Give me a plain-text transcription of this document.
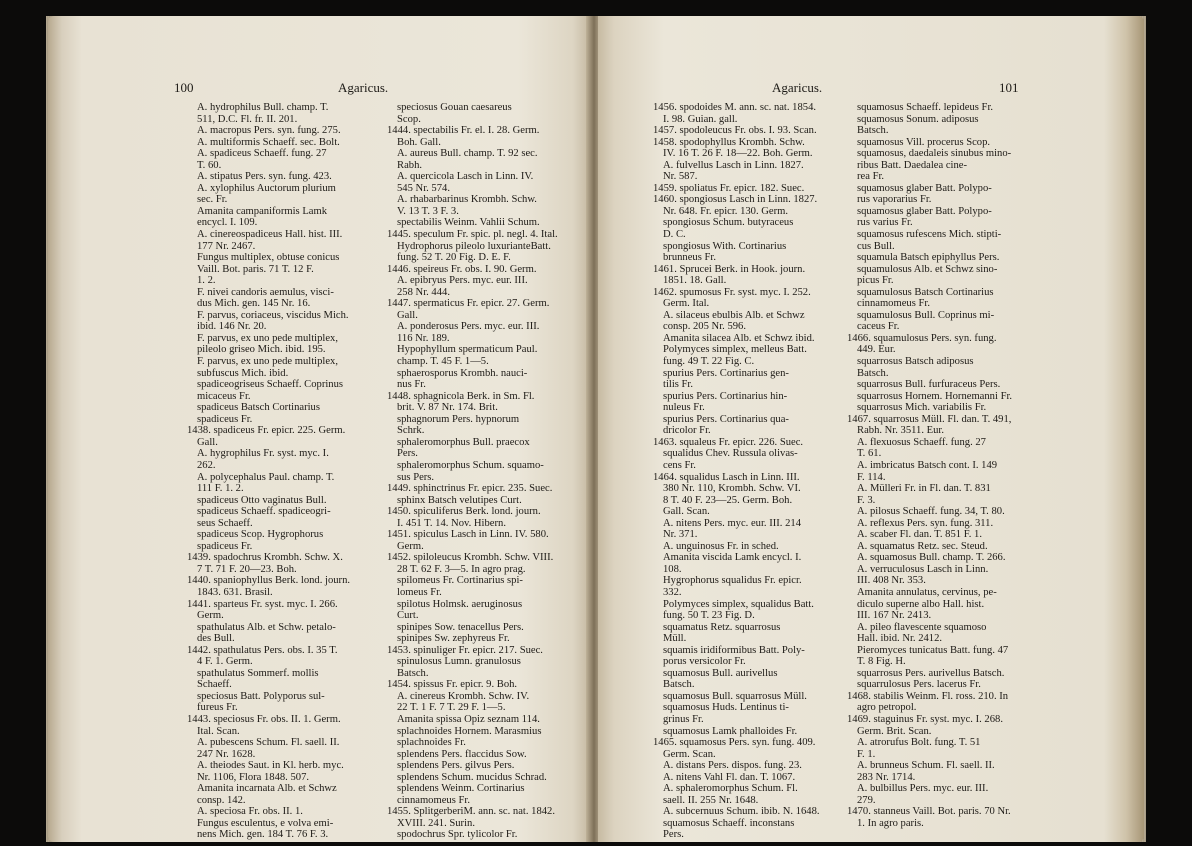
100	Agaricus.
A. hydrophilus Bull. champ. T.
511, D.C. Fl. fr. II. 201.
A. macropus Pers. syn. fung. 275.
A. multiformis Schaeff. sec. Bolt.
A. spadiceus Schaeff. fung. 27
T. 60.
A. stipatus Pers. syn. fung. 423.
A. xylophilus Auctorum plurium
sec. Fr.
Amanita campaniformis Lamk
encycl. I. 109.
A. cinereospadiceus Hall. hist. III.
177 Nr. 2467.
Fungus multiplex, obtuse conicus
Vaill. Bot. paris. 71 T. 12 F.
1. 2.
F. nivei candoris aemulus, visci-
dus Mich. gen. 145 Nr. 16.
F. parvus, coriaceus, viscidus Mich.
ibid. 146 Nr. 20.
F. parvus, ex uno pede multiplex,
pileolo griseo Mich. ibid. 195.
F. parvus, ex uno pede multiplex,
subfuscus Mich. ibid.
spadiceogriseus Schaeff. Coprinus
micaceus Fr.
spadiceus Batsch Cortinarius
spadiceus Fr.
1438. spadiceus Fr. epicr. 225. Germ.
Gall.
A. hygrophilus Fr. syst. myc. I.
262.
A. polycephalus Paul. champ. T.
111 F. 1. 2.
spadiceus Otto vaginatus Bull.
spadiceus Schaeff. spadiceogri-
seus Schaeff.
spadiceus Scop. Hygrophorus
spadiceus Fr.
1439. spadochrus Krombh. Schw. X.
7 T. 71 F. 20—23. Boh.
1440. spaniophyllus Berk. lond. journ.
1843. 631. Brasil.
1441. sparteus Fr. syst. myc. I. 266.
Germ.
spathulatus Alb. et Schw. petalo-
des Bull.
1442. spathulatus Pers. obs. I. 35 T.
4 F. 1. Germ.
spathulatus Sommerf. mollis
Schaeff.
speciosus Batt. Polyporus sul-
fureus Fr.
1443. speciosus Fr. obs. II. 1. Germ.
Ital. Scan.
A. pubescens Schum. Fl. saell. II.
247 Nr. 1628.
A. theiodes Saut. in Kl. herb. myc.
Nr. 1106, Flora 1848. 507.
Amanita incarnata Alb. et Schwz
consp. 142.
A. speciosa Fr. obs. II. 1.
Fungus esculentus, e volva emi-
nens Mich. gen. 184 T. 76 F. 3.
speciosus Gouan caesareus
Scop.
1444. spectabilis Fr. el. I. 28. Germ.
Boh. Gall.
A. aureus Bull. champ. T. 92 sec.
Rabh.
A. quercicola Lasch in Linn. IV.
545 Nr. 574.
A. rhabarbarinus Krombh. Schw.
V. 13 T. 3 F. 3.
spectabilis Weinm. Vahlii Schum.
1445. speculum Fr. spic. pl. negl. 4. Ital.
Hydrophorus pileolo luxurianteBatt.
fung. 52 T. 20 Fig. D. E. F.
1446. speireus Fr. obs. I. 90. Germ.
A. epibryus Pers. myc. eur. III.
258 Nr. 444.
1447. spermaticus Fr. epicr. 27. Germ.
Gall.
A. ponderosus Pers. myc. eur. III.
116 Nr. 189.
Hypophyllum spermaticum Paul.
champ. T. 45 F. 1—5.
sphaerosporus Krombh. nauci-
nus Fr.
1448. sphagnicola Berk. in Sm. Fl.
brit. V. 87 Nr. 174. Brit.
sphagnorum Pers. hypnorum
Schrk.
sphaleromorphus Bull. praecox
Pers.
sphaleromorphus Schum. squamo-
sus Pers.
1449. sphinctrinus Fr. epicr. 235. Suec.
sphinx Batsch velutipes Curt.
1450. spiculiferus Berk. lond. journ.
I. 451 T. 14. Nov. Hibern.
1451. spiculus Lasch in Linn. IV. 580.
Germ.
1452. spiloleucus Krombh. Schw. VIII.
28 T. 62 F. 3—5. In agro prag.
spilomeus Fr. Cortinarius spi-
lomeus Fr.
spilotus Holmsk. aeruginosus
Curt.
spinipes Sow. tenacellus Pers.
spinipes Sw. zephyreus Fr.
1453. spinuliger Fr. epicr. 217. Suec.
spinulosus Lumn. granulosus
Batsch.
1454. spissus Fr. epicr. 9. Boh.
A. cinereus Krombh. Schw. IV.
22 T. 1 F. 7 T. 29 F. 1—5.
Amanita spissa Opiz seznam 114.
splachnoides Hornem. Marasmius
splachnoides Fr.
splendens Pers. flaccidus Sow.
splendens Pers. gilvus Pers.
splendens Schum. mucidus Schrad.
splendens Weinm. Cortinarius
cinnamomeus Fr.
1455. SplitgerberiM. ann. sc. nat. 1842.
XVIII. 241. Surin.
spodochrus Spr. tylicolor Fr.
Agaricus.	101
1456. spodoides M. ann. sc. nat. 1854.
I. 98. Guian. gall.
1457. spodoleucus Fr. obs. I. 93. Scan.
1458. spodophyllus Krombh. Schw.
IV. 16 T. 26 F. 18—22. Boh. Germ.
A. fulvellus Lasch in Linn. 1827.
Nr. 587.
1459. spoliatus Fr. epicr. 182. Suec.
1460. spongiosus Lasch in Linn. 1827.
Nr. 648. Fr. epicr. 130. Germ.
spongiosus Schum. butyraceus
D. C.
spongiosus With. Cortinarius
brunneus Fr.
1461. Sprucei Berk. in Hook. journ.
1851. 18. Gall.
1462. spumosus Fr. syst. myc. I. 252.
Germ. Ital.
A. silaceus ebulbis Alb. et Schwz
consp. 205 Nr. 596.
Amanita silacea Alb. et Schwz ibid.
Polymyces simplex, melleus Batt.
fung. 49 T. 22 Fig. C.
spurius Pers. Cortinarius gen-
tilis Fr.
spurius Pers. Cortinarius hin-
nuleus Fr.
spurius Pers. Cortinarius qua-
dricolor Fr.
1463. squaleus Fr. epicr. 226. Suec.
squalidus Chev. Russula olivas-
cens Fr.
1464. squalidus Lasch in Linn. III.
380 Nr. 110, Krombh. Schw. VI.
8 T. 40 F. 23—25. Germ. Boh.
Gall. Scan.
A. nitens Pers. myc. eur. III. 214
Nr. 371.
A. unguinosus Fr. in sched.
Amanita viscida Lamk encycl. I.
108.
Hygrophorus squalidus Fr. epicr.
332.
Polymyces simplex, squalidus Batt.
fung. 50 T. 23 Fig. D.
squamatus Retz. squarrosus
Müll.
squamis iridiformibus Batt. Poly-
porus versicolor Fr.
squamosus Bull. aurivellus
Batsch.
squamosus Bull. squarrosus Müll.
squamosus Huds. Lentinus ti-
grinus Fr.
squamosus Lamk phalloides Fr.
1465. squamosus Pers. syn. fung. 409.
Germ. Scan.
A. distans Pers. dispos. fung. 23.
A. nitens Vahl Fl. dan. T. 1067.
A. sphaleromorphus Schum. Fl.
saell. II. 255 Nr. 1648.
A. subcernuus Schum. ibib. N. 1648.
squamosus Schaeff. inconstans
Pers.
squamosus Schaeff. lepideus Fr.
squamosus Sonum. adiposus
Batsch.
squamosus Vill. procerus Scop.
squamosus, daedaleis sinubus mino-
ribus Batt. Daedalea cine-
rea Fr.
squamosus glaber Batt. Polypo-
rus vaporarius Fr.
squamosus glaber Batt. Polypo-
rus varius Fr.
squamosus rufescens Mich. stipti-
cus Bull.
squamula Batsch epiphyllus Pers.
squamulosus Alb. et Schwz sino-
picus Fr.
squamulosus Batsch Cortinarius
cinnamomeus Fr.
squamulosus Bull. Coprinus mi-
caceus Fr.
1466. squamulosus Pers. syn. fung.
449. Eur.
squarrosus Batsch adiposus
Batsch.
squarrosus Bull. furfuraceus Pers.
squarrosus Hornem. Hornemanni Fr.
squarrosus Mich. variabilis Fr.
1467. squarrosus Müll. Fl. dan. T. 491,
Rabh. Nr. 3511. Eur.
A. flexuosus Schaeff. fung. 27
T. 61.
A. imbricatus Batsch cont. I. 149
F. 114.
A. Mülleri Fr. in Fl. dan. T. 831
F. 3.
A. pilosus Schaeff. fung. 34, T. 80.
A. reflexus Pers. syn. fung. 311.
A. scaber Fl. dan. T. 851 F. 1.
A. squamatus Retz. sec. Steud.
A. squamosus Bull. champ. T. 266.
A. verruculosus Lasch in Linn.
III. 408 Nr. 353.
Amanita annulatus, cervinus, pe-
diculo superne albo Hall. hist.
III. 167 Nr. 2413.
A. pileo flavescente squamoso
Hall. ibid. Nr. 2412.
Pieromyces tunicatus Batt. fung. 47
T. 8 Fig. H.
squarrosus Pers. aurivellus Batsch.
squarrulosus Pers. lacerus Fr.
1468. stabilis Weinm. Fl. ross. 210. In
agro petropol.
1469. staguinus Fr. syst. myc. I. 268.
Germ. Brit. Scan.
A. atrorufus Bolt. fung. T. 51
F. 1.
A. brunneus Schum. Fl. saell. II.
283 Nr. 1714.
A. bulbillus Pers. myc. eur. III.
279.
1470. stanneus Vaill. Bot. paris. 70 Nr.
1. In agro paris.
